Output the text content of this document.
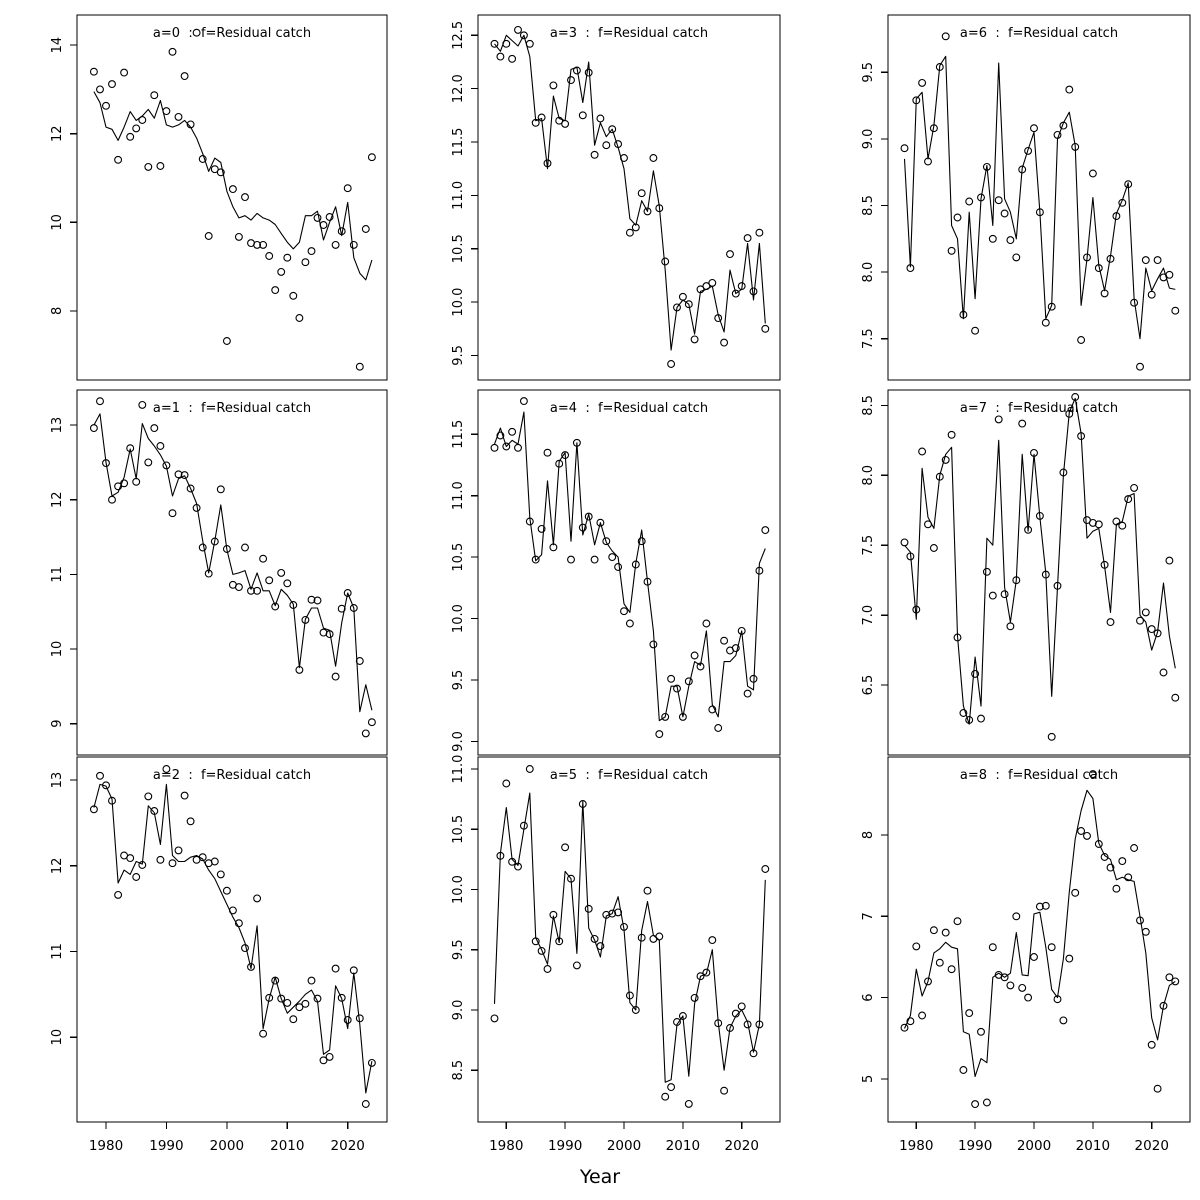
8
10
12
14
a=0  :  f=Residual catch
9.5
10.0
10.5
11.0
11.5
12.0
12.5	a=3  :  f=Residual catch
7.5
8.0
8.5
9.0
9.5
a=6  :  f=Residual catch
9
10
11
12
13
a=1  :  f=Residual catch
9.0
9.5
10.0
10.5
11.0
11.5
a=4  :  f=Residual catch
6.5
7.0
7.5
8.0
8.5	a=7  :  f=Residual catch
10
11
12
13
1980 1990 2000 2010 2020
a=2  :  f=Residual catch
8.5
9.0
9.5
10.0
10.5
11.0
1980 1990 2000 2010 2020
a=5  :  f=Residual catch
5
6
7
8
1980 1990 2000 2010 2020
a=8  :  f=Residual catch
Year
